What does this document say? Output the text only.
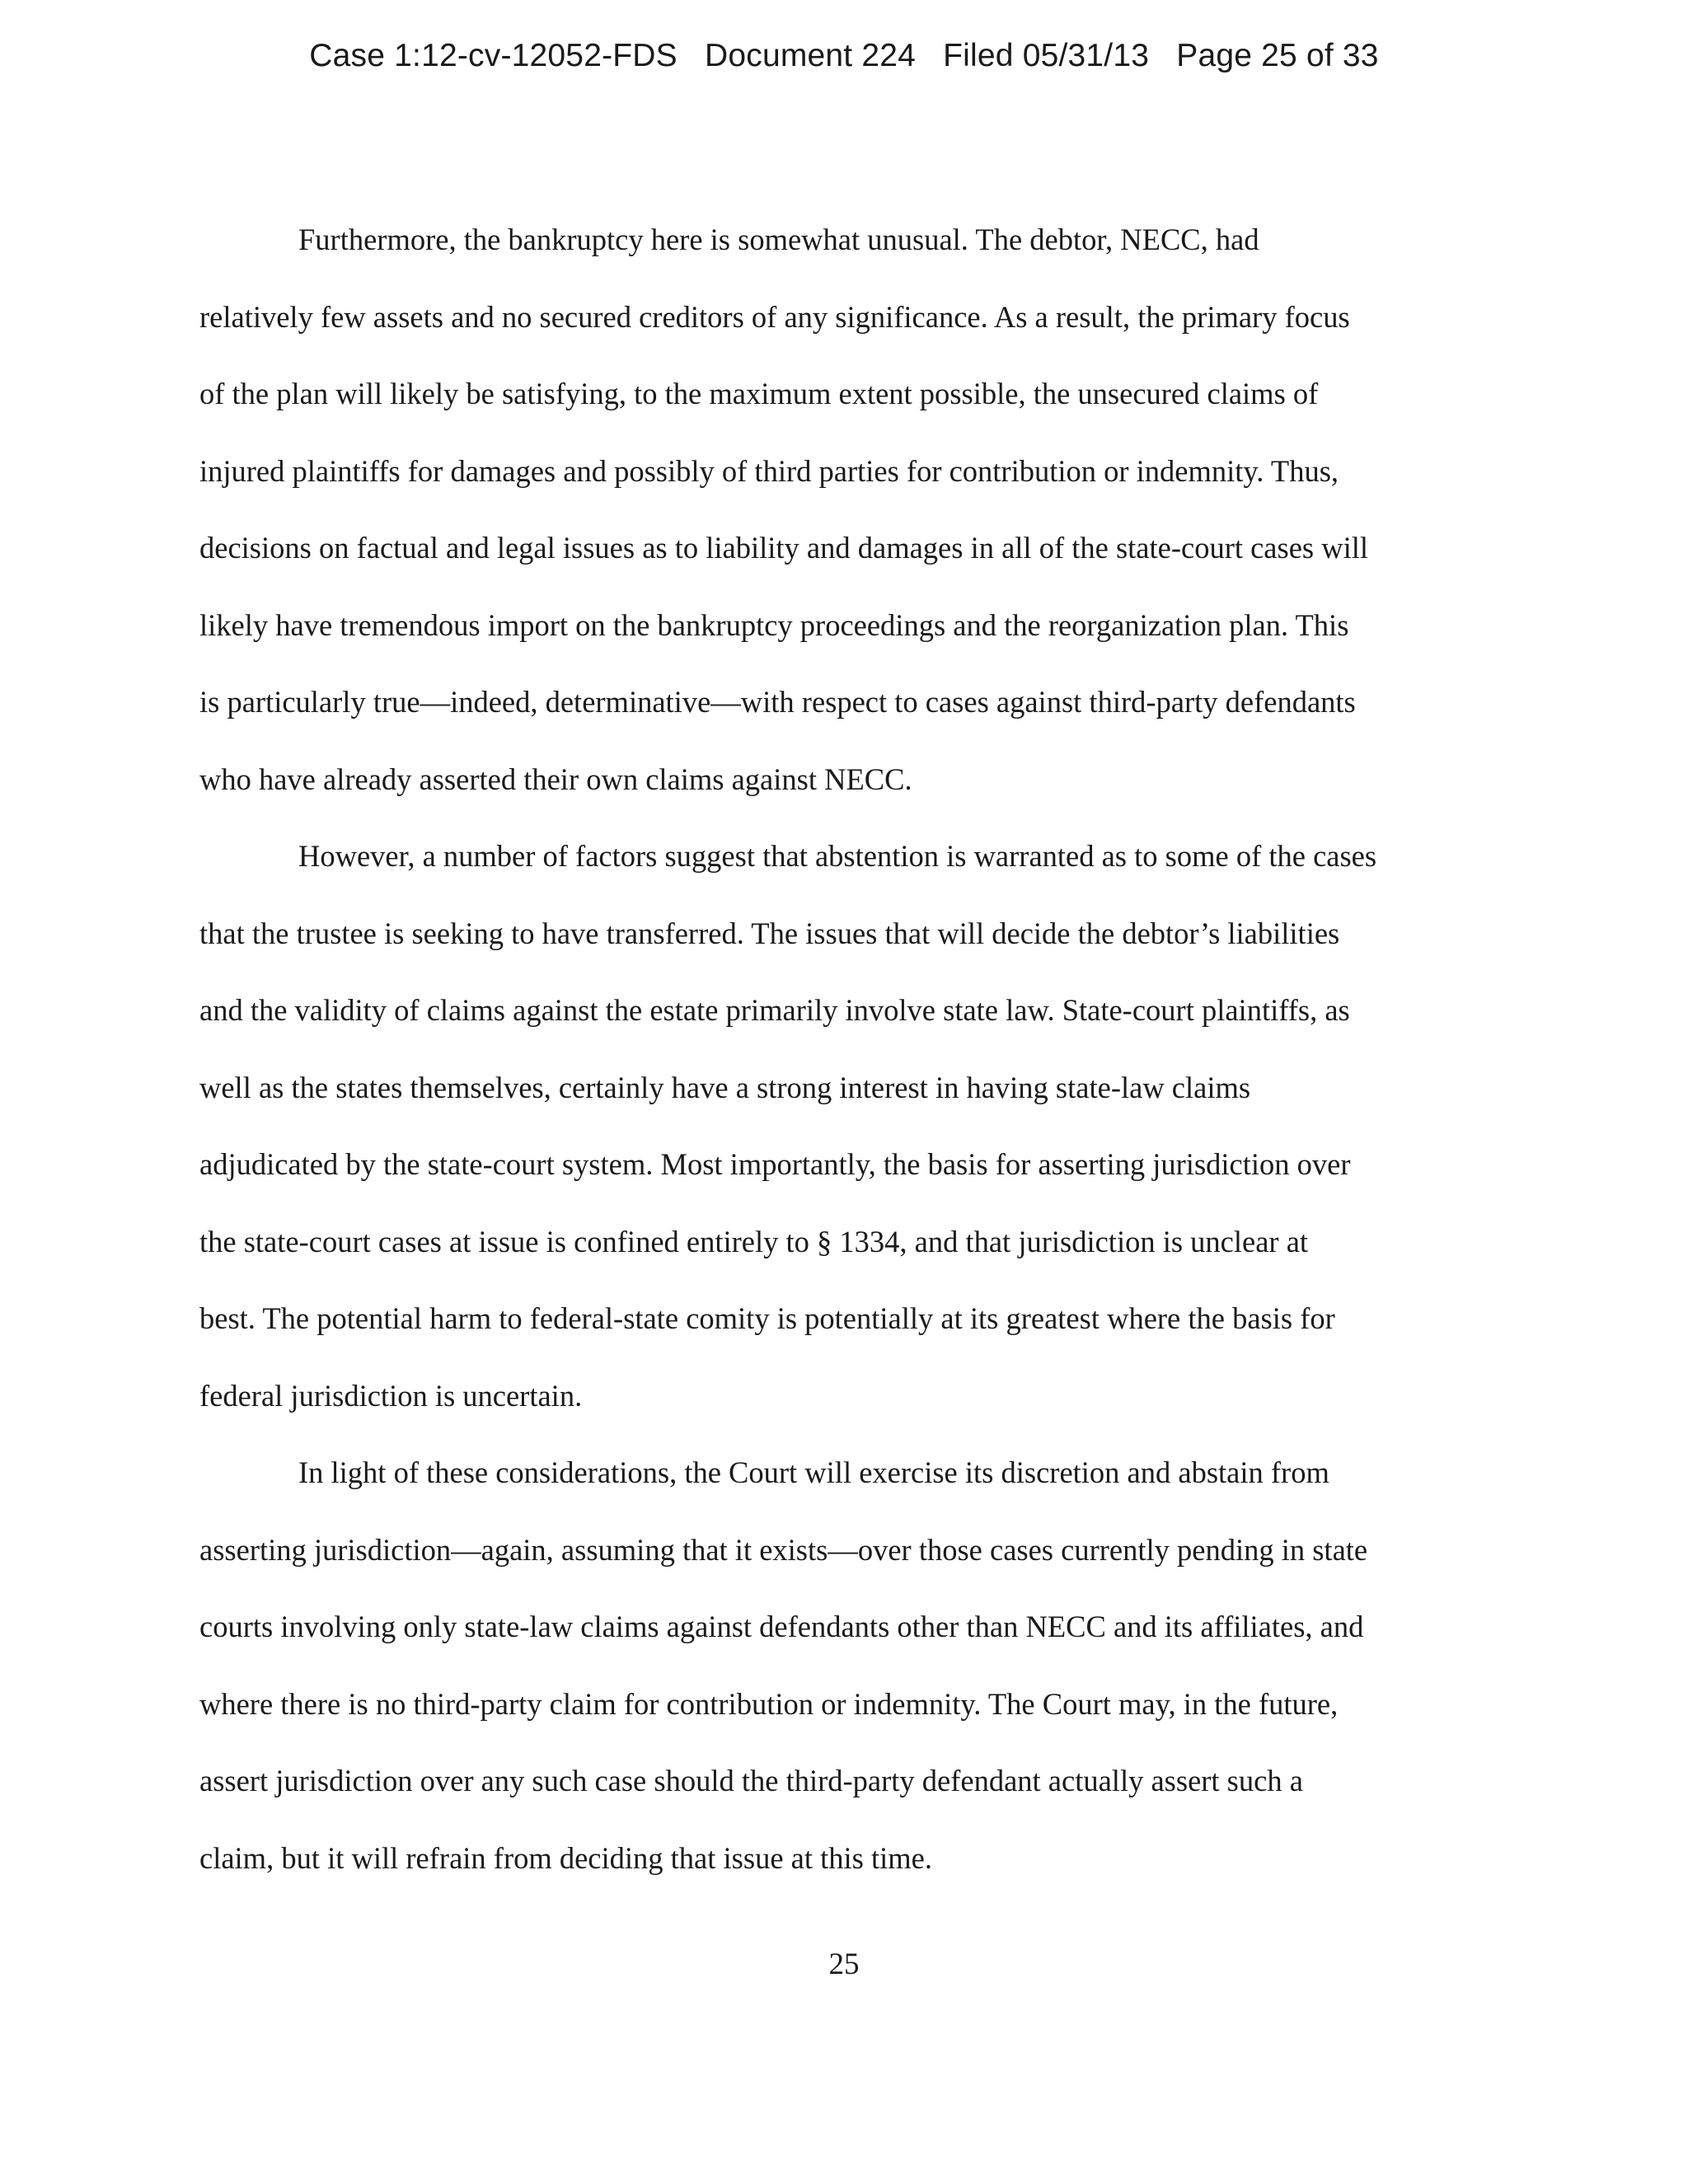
Case 1:12-cv-12052-FDS   Document 224   Filed 05/31/13   Page 25 of 33
Furthermore, the bankruptcy here is somewhat unusual. The debtor, NECC, had
relatively few assets and no secured creditors of any significance. As a result, the primary focus
of the plan will likely be satisfying, to the maximum extent possible, the unsecured claims of
injured plaintiffs for damages and possibly of third parties for contribution or indemnity. Thus,
decisions on factual and legal issues as to liability and damages in all of the state-court cases will
likely have tremendous import on the bankruptcy proceedings and the reorganization plan. This
is particularly true—indeed, determinative—with respect to cases against third-party defendants
who have already asserted their own claims against NECC.
However, a number of factors suggest that abstention is warranted as to some of the cases
that the trustee is seeking to have transferred. The issues that will decide the debtor’s liabilities
and the validity of claims against the estate primarily involve state law. State-court plaintiffs, as
well as the states themselves, certainly have a strong interest in having state-law claims
adjudicated by the state-court system. Most importantly, the basis for asserting jurisdiction over
the state-court cases at issue is confined entirely to § 1334, and that jurisdiction is unclear at
best. The potential harm to federal-state comity is potentially at its greatest where the basis for
federal jurisdiction is uncertain.
In light of these considerations, the Court will exercise its discretion and abstain from
asserting jurisdiction—again, assuming that it exists—over those cases currently pending in state
courts involving only state-law claims against defendants other than NECC and its affiliates, and
where there is no third-party claim for contribution or indemnity. The Court may, in the future,
assert jurisdiction over any such case should the third-party defendant actually assert such a
claim, but it will refrain from deciding that issue at this time.
25
